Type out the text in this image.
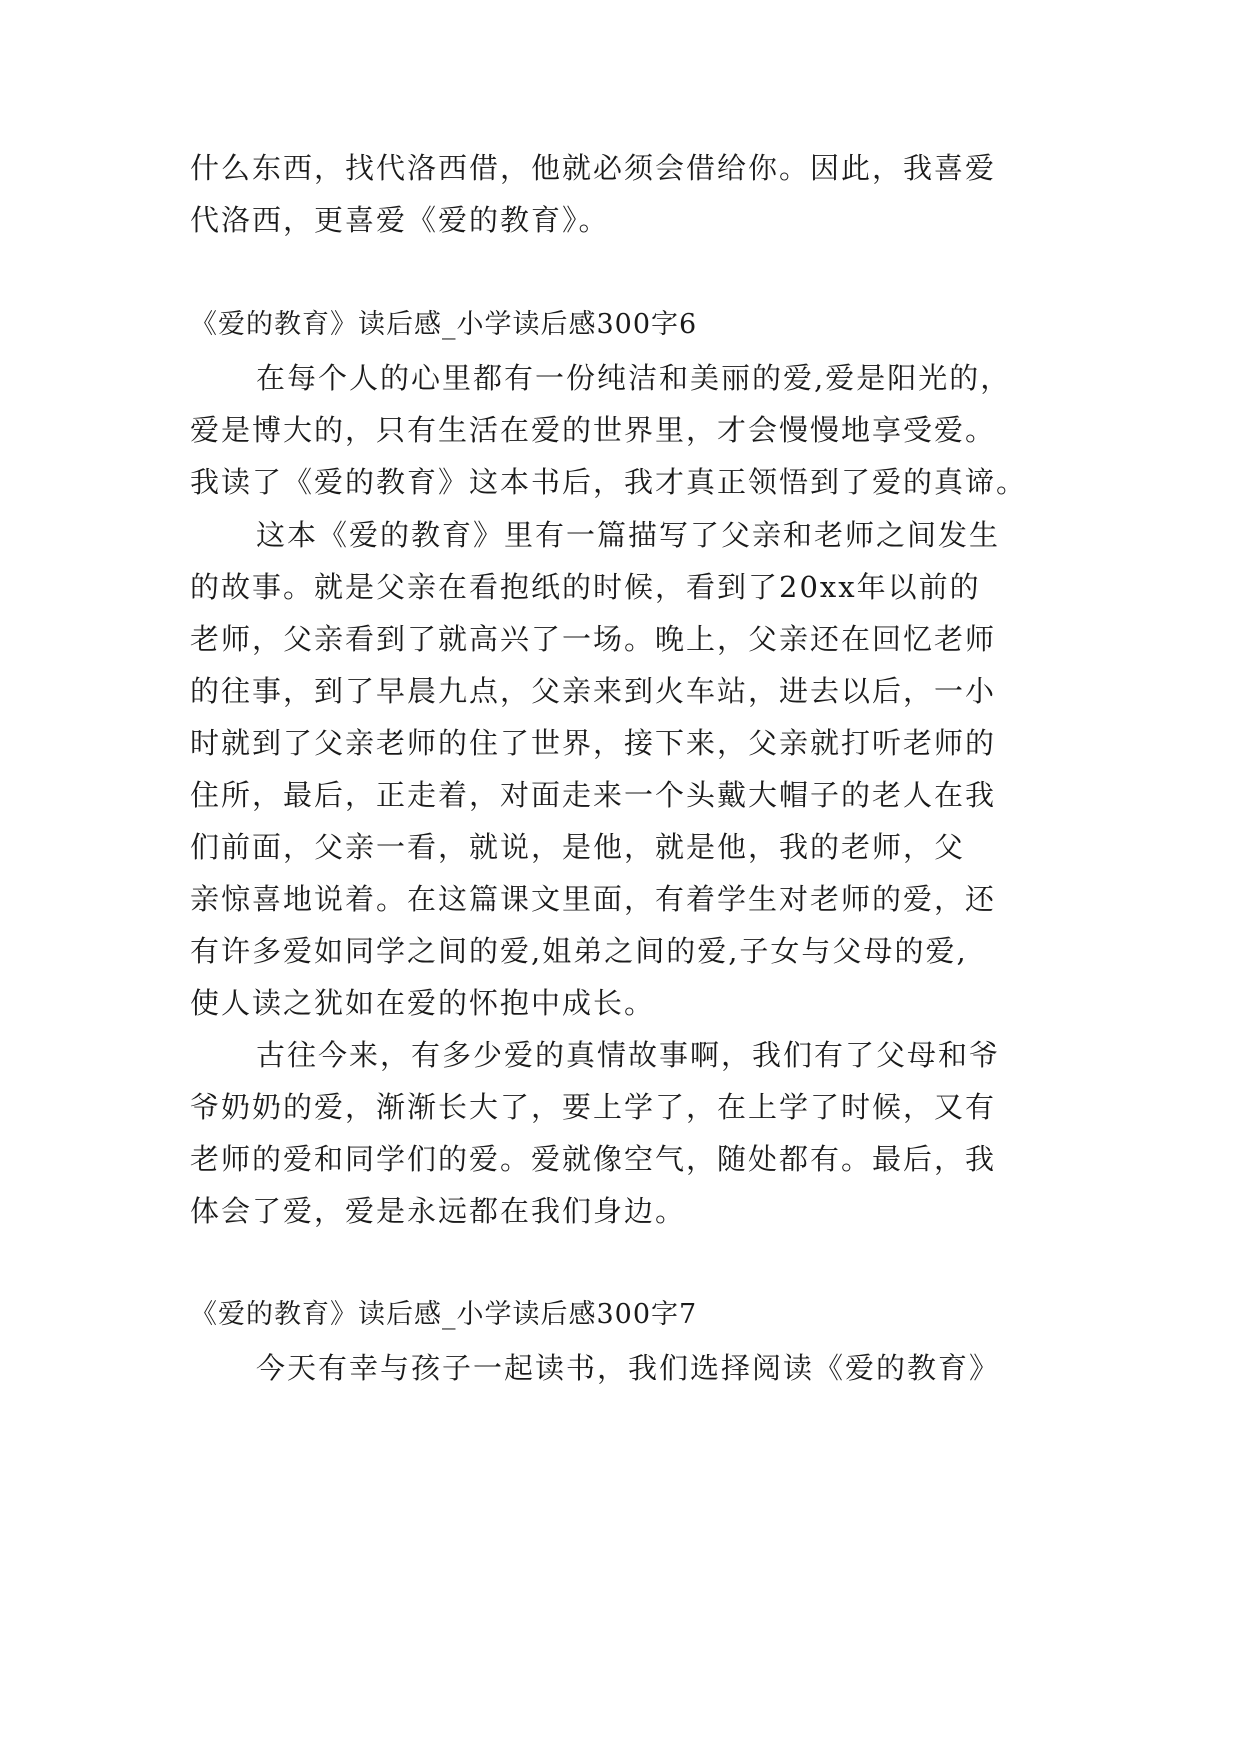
什么东西，找代洛西借，他就必须会借给你。因此，我喜爱
代洛西，更喜爱《爱的教育》。
《爱的教育》读后感_小学读后感300字6
在每个人的心里都有一份纯洁和美丽的爱,爱是阳光的，
爱是博大的，只有生活在爱的世界里，才会慢慢地享受爱。
我读了《爱的教育》这本书后，我才真正领悟到了爱的真谛。
这本《爱的教育》里有一篇描写了父亲和老师之间发生
的故事。就是父亲在看抱纸的时候，看到了20xx年以前的
老师，父亲看到了就高兴了一场。晚上，父亲还在回忆老师
的往事，到了早晨九点，父亲来到火车站，进去以后，一小
时就到了父亲老师的住了世界，接下来，父亲就打听老师的
住所，最后，正走着，对面走来一个头戴大帽子的老人在我
们前面，父亲一看，就说，是他，就是他，我的老师，父
亲惊喜地说着。在这篇课文里面，有着学生对老师的爱，还
有许多爱如同学之间的爱,姐弟之间的爱,子女与父母的爱,
使人读之犹如在爱的怀抱中成长。
古往今来，有多少爱的真情故事啊，我们有了父母和爷
爷奶奶的爱，渐渐长大了，要上学了，在上学了时候，又有
老师的爱和同学们的爱。爱就像空气，随处都有。最后，我
体会了爱，爱是永远都在我们身边。
《爱的教育》读后感_小学读后感300字7
今天有幸与孩子一起读书，我们选择阅读《爱的教育》
